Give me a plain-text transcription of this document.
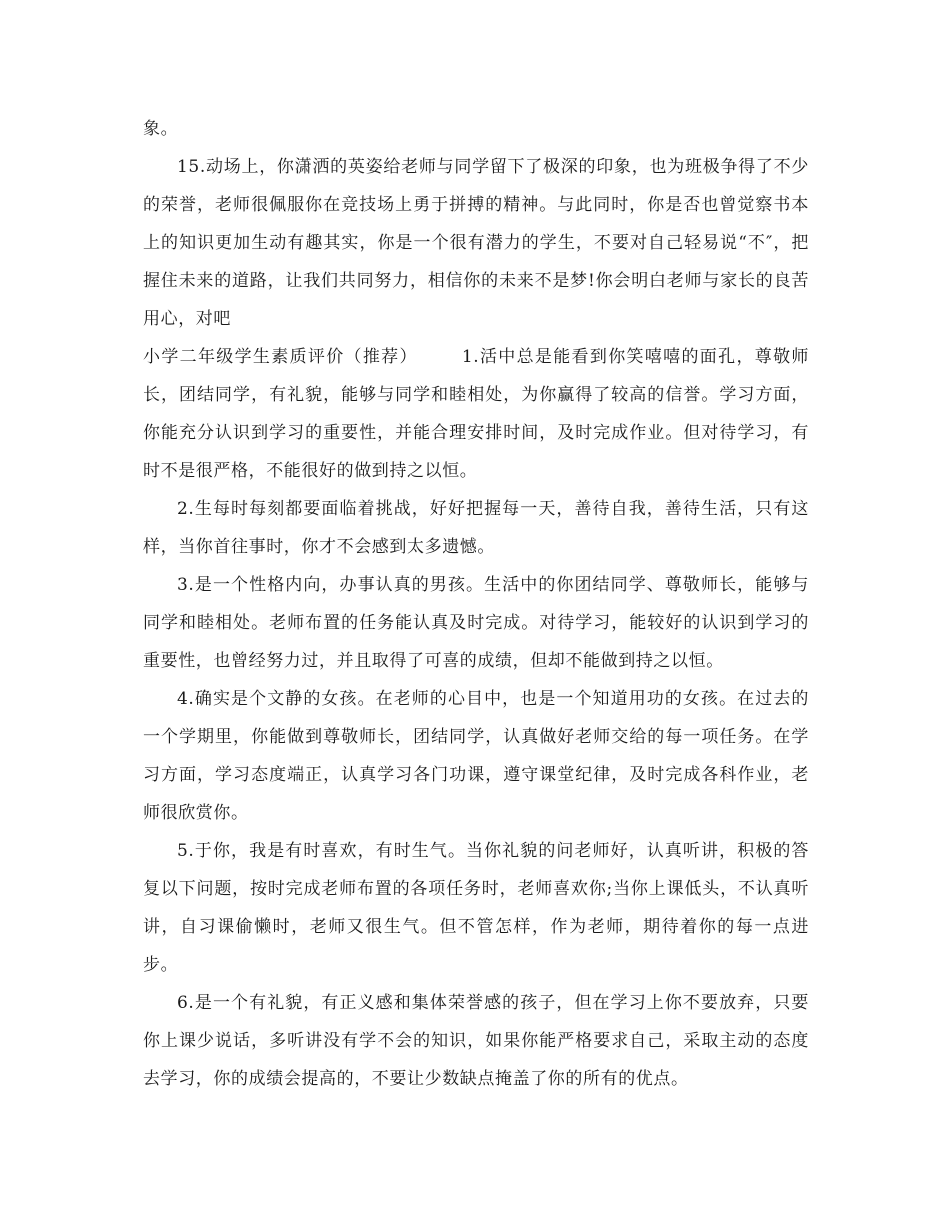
象。

15.动场上，你潇洒的英姿给老师与同学留下了极深的印象，也为班极争得了不少的荣誉，老师很佩服你在竞技场上勇于拼搏的精神。与此同时，你是否也曾觉察书本上的知识更加生动有趣其实，你是一个很有潜力的学生，不要对自己轻易说“不″，把握住未来的道路，让我们共同努力，相信你的未来不是梦!你会明白老师与家长的良苦用心，对吧

小学二年级学生素质评价（推荐）	1.活中总是能看到你笑嘻嘻的面孔，尊敬师长，团结同学，有礼貌，能够与同学和睦相处，为你赢得了较高的信誉。学习方面，你能充分认识到学习的重要性，并能合理安排时间，及时完成作业。但对待学习，有时不是很严格，不能很好的做到持之以恒。

2.生每时每刻都要面临着挑战，好好把握每一天，善待自我，善待生活，只有这样，当你首往事时，你才不会感到太多遗憾。

3.是一个性格内向，办事认真的男孩。生活中的你团结同学、尊敬师长，能够与同学和睦相处。老师布置的任务能认真及时完成。对待学习，能较好的认识到学习的重要性，也曾经努力过，并且取得了可喜的成绩，但却不能做到持之以恒。

4.确实是个文静的女孩。在老师的心目中，也是一个知道用功的女孩。在过去的一个学期里，你能做到尊敬师长，团结同学，认真做好老师交给的每一项任务。在学习方面，学习态度端正，认真学习各门功课，遵守课堂纪律，及时完成各科作业，老师很欣赏你。

5.于你，我是有时喜欢，有时生气。当你礼貌的问老师好，认真听讲，积极的答复以下问题，按时完成老师布置的各项任务时，老师喜欢你;当你上课低头，不认真听讲，自习课偷懒时，老师又很生气。但不管怎样，作为老师，期待着你的每一点进步。

6.是一个有礼貌，有正义感和集体荣誉感的孩子，但在学习上你不要放弃，只要你上课少说话，多听讲没有学不会的知识，如果你能严格要求自己，采取主动的态度去学习，你的成绩会提高的，不要让少数缺点掩盖了你的所有的优点。
